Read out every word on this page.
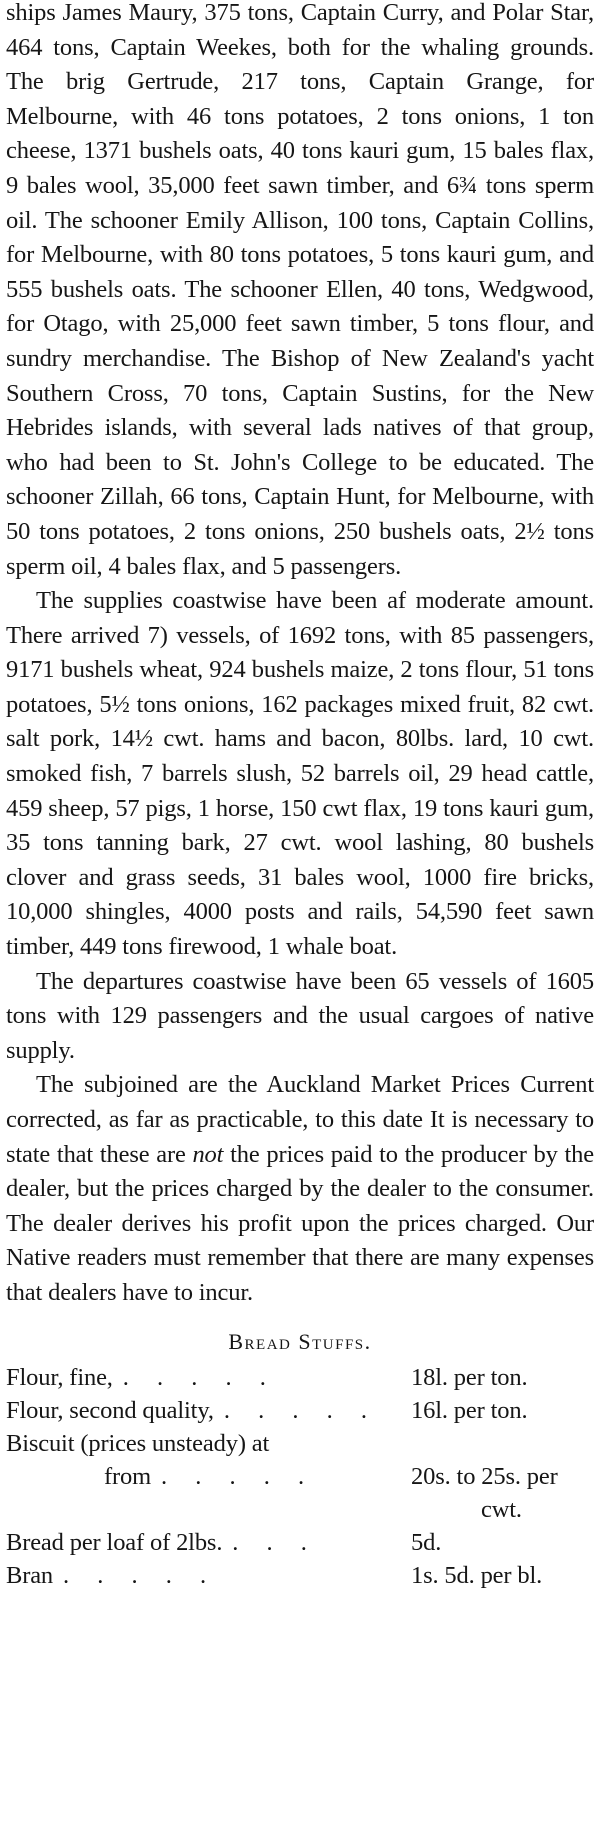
ships James Maury, 375 tons, Captain Curry, and Polar Star, 464 tons, Captain Weekes, both for the whaling grounds. The brig Gertrude, 217 tons, Captain Grange, for Melbourne, with 46 tons potatoes, 2 tons onions, 1 ton cheese, 1371 bushels oats, 40 tons kauri gum, 15 bales flax, 9 bales wool, 35,000 feet sawn timber, and 6¾ tons sperm oil. The schooner Emily Allison, 100 tons, Captain Collins, for Melbourne, with 80 tons potatoes, 5 tons kauri gum, and 555 bushels oats. The schooner Ellen, 40 tons, Wedgwood, for Otago, with 25,000 feet sawn timber, 5 tons flour, and sundry merchandise. The Bishop of New Zealand's yacht Southern Cross, 70 tons, Captain Sustins, for the New Hebrides islands, with several lads natives of that group, who had been to St. John's College to be educated. The schooner Zillah, 66 tons, Captain Hunt, for Melbourne, with 50 tons potatoes, 2 tons onions, 250 bushels oats, 2½ tons sperm oil, 4 bales flax, and 5 passengers.

The supplies coastwise have been af moderate amount. There arrived 7) vessels, of 1692 tons, with 85 passengers, 9171 bushels wheat, 924 bushels maize, 2 tons flour, 51 tons potatoes, 5½ tons onions, 162 packages mixed fruit, 82 cwt. salt pork, 14½ cwt. hams and bacon, 80lbs. lard, 10 cwt. smoked fish, 7 barrels slush, 52 barrels oil, 29 head cattle, 459 sheep, 57 pigs, 1 horse, 150 cwt flax, 19 tons kauri gum, 35 tons tanning bark, 27 cwt. wool lashing, 80 bushels clover and grass seeds, 31 bales wool, 1000 fire bricks, 10,000 shingles, 4000 posts and rails, 54,590 feet sawn timber, 449 tons firewood, 1 whale boat.

The departures coastwise have been 65 vessels of 1605 tons with 129 passengers and the usual cargoes of native supply.

The subjoined are the Auckland Market Prices Current corrected, as far as practicable, to this date It is necessary to state that these are not the prices paid to the producer by the dealer, but the prices charged by the dealer to the consumer. The dealer derives his profit upon the prices charged. Our Native readers must remember that there are many expenses that dealers have to incur.

Bread Stuffs.
Flour, fine, . . . . .	18l. per ton.
Flour, second quality, . . . . .	16l. per ton.
Biscuit (prices unsteady) at
from . . . . .	20s. to 25s. per
cwt.
Bread per loaf of 2lbs. . . .	5d.
Bran . . . . .	1s. 5d. per bl.
